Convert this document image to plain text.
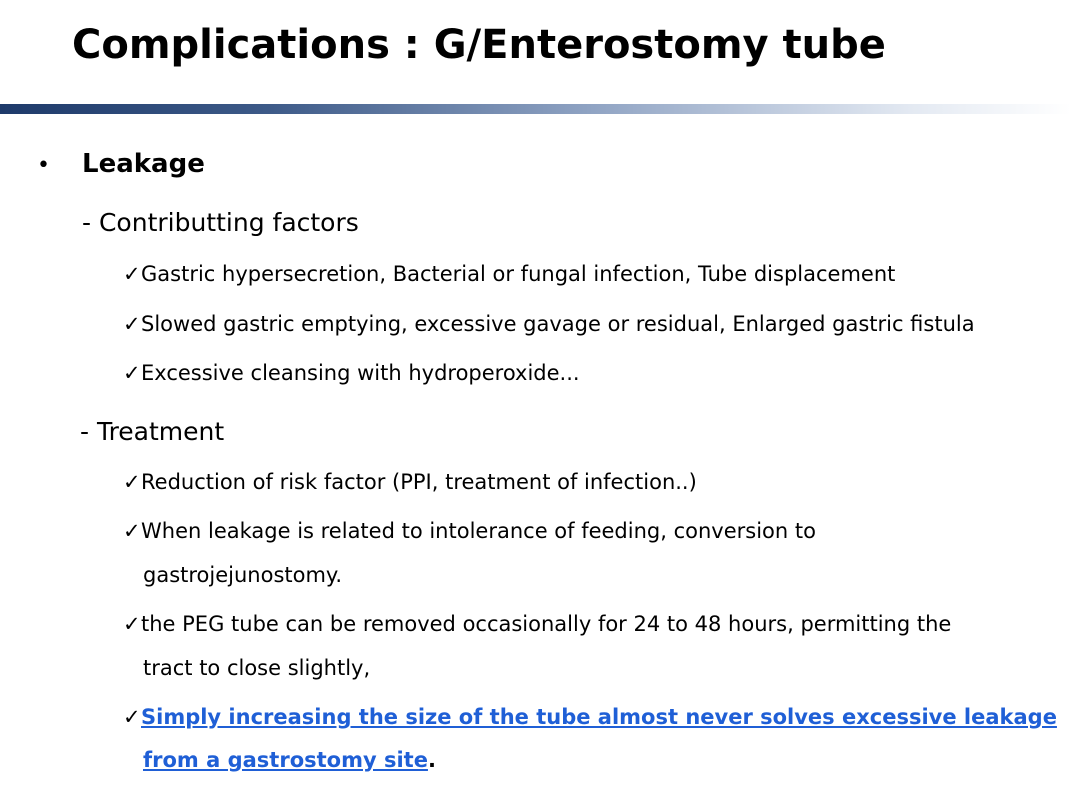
Complications : G/Enterostomy tube
• Leakage
- Contributting factors
✓Gastric hypersecretion, Bacterial or fungal infection, Tube displacement
✓Slowed gastric emptying, excessive gavage or residual, Enlarged gastric fistula
✓Excessive cleansing with hydroperoxide...
- Treatment
✓Reduction of risk factor (PPI, treatment of infection..)
✓When leakage is related to intolerance of feeding, conversion to
gastrojejunostomy.
✓the PEG tube can be removed occasionally for 24 to 48 hours, permitting the
tract to close slightly,
✓Simply increasing the size of the tube almost never solves excessive leakage
from a gastrostomy site.
